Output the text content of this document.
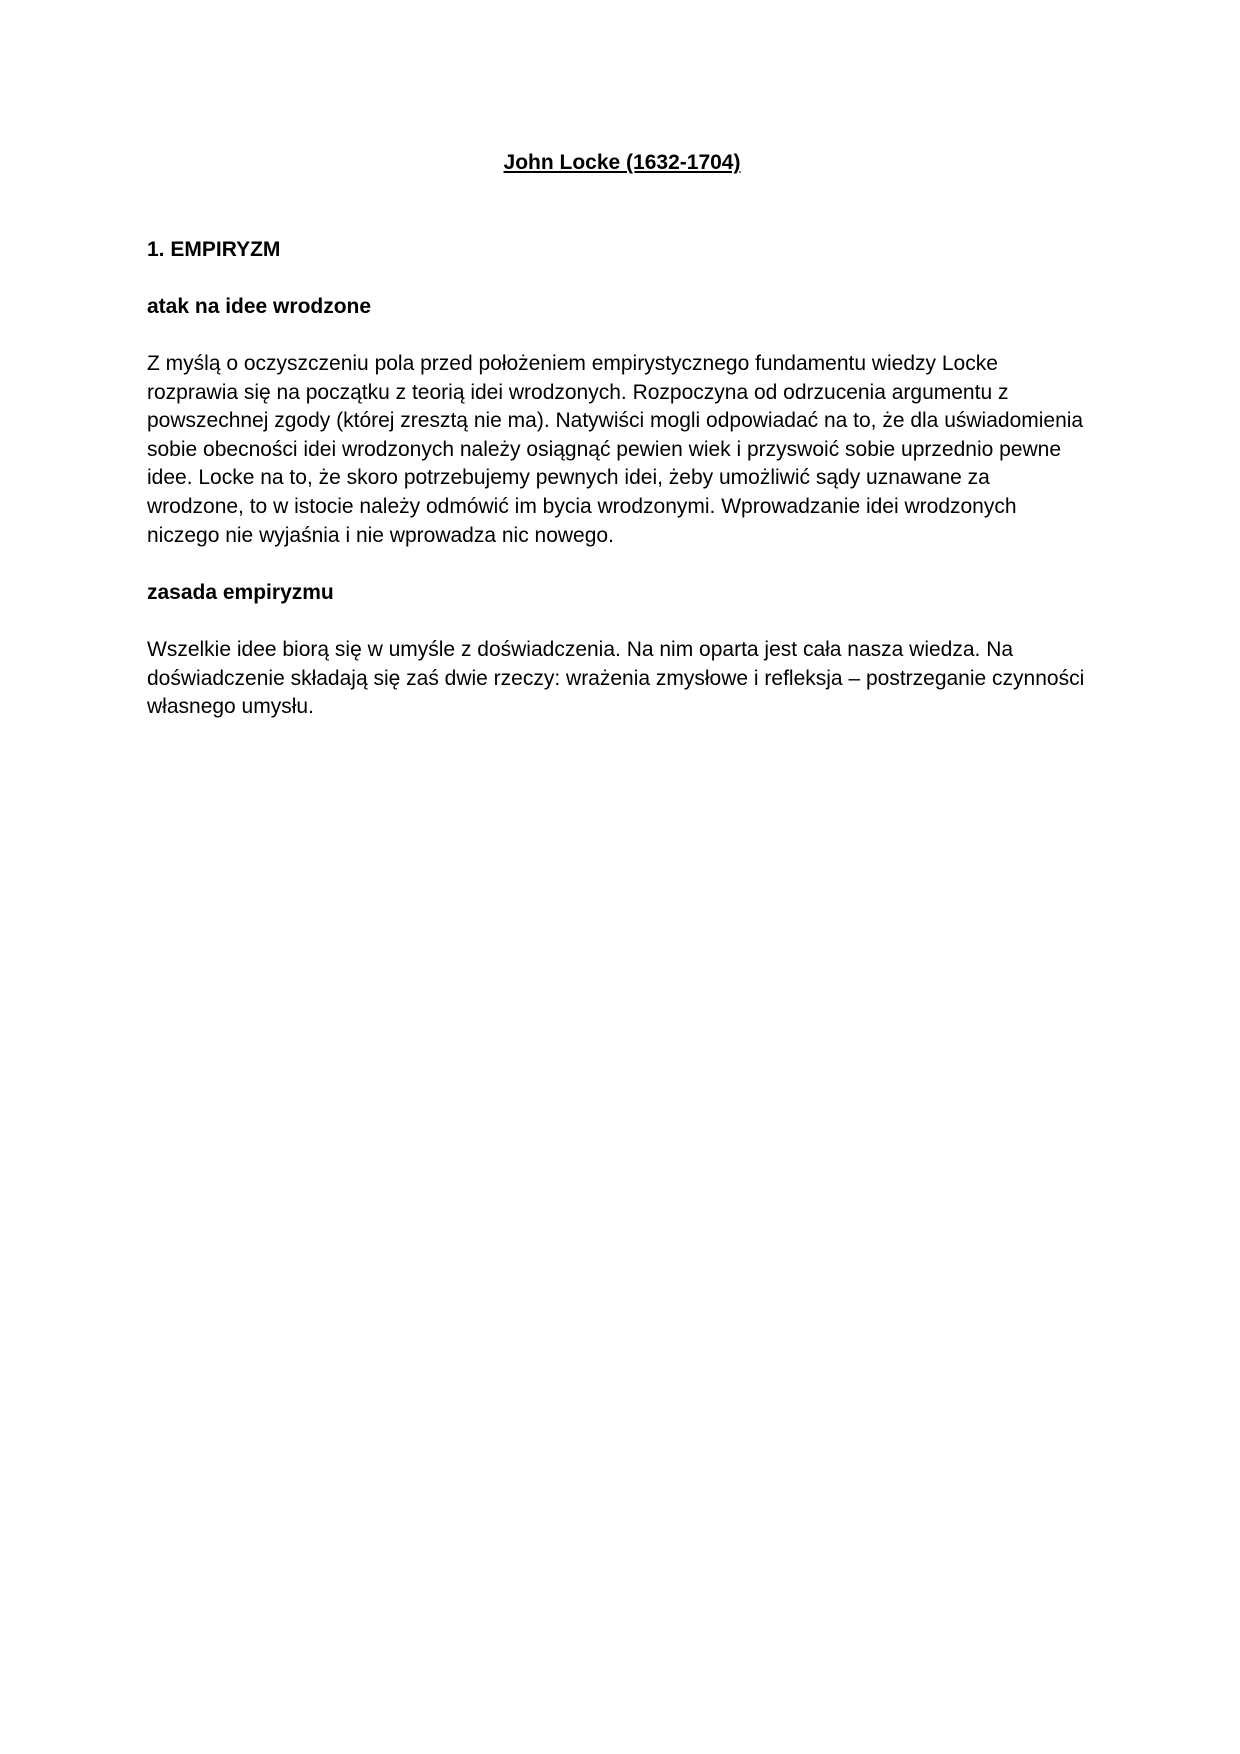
John Locke (1632-1704)
1. EMPIRYZM
atak na idee wrodzone

Z myślą o oczyszczeniu pola przed położeniem empirystycznego fundamentu wiedzy Locke rozprawia się na początku z teorią idei wrodzonych. Rozpoczyna od odrzucenia argumentu z powszechnej zgody (której zresztą nie ma). Natywiści mogli odpowiadać na to, że dla uświadomienia sobie obecności idei wrodzonych należy osiągnąć pewien wiek i przyswoić sobie uprzednio pewne idee. Locke na to, że skoro potrzebujemy pewnych idei, żeby umożliwić sądy uznawane za wrodzone, to w istocie należy odmówić im bycia wrodzonymi. Wprowadzanie idei wrodzonych niczego nie wyjaśnia i nie wprowadza nic nowego.

zasada empiryzmu

Wszelkie idee biorą się w umyśle z doświadczenia. Na nim oparta jest cała nasza wiedza. Na doświadczenie składają się zaś dwie rzeczy: wrażenia zmysłowe i refleksja – postrzeganie czynności własnego umysłu.
